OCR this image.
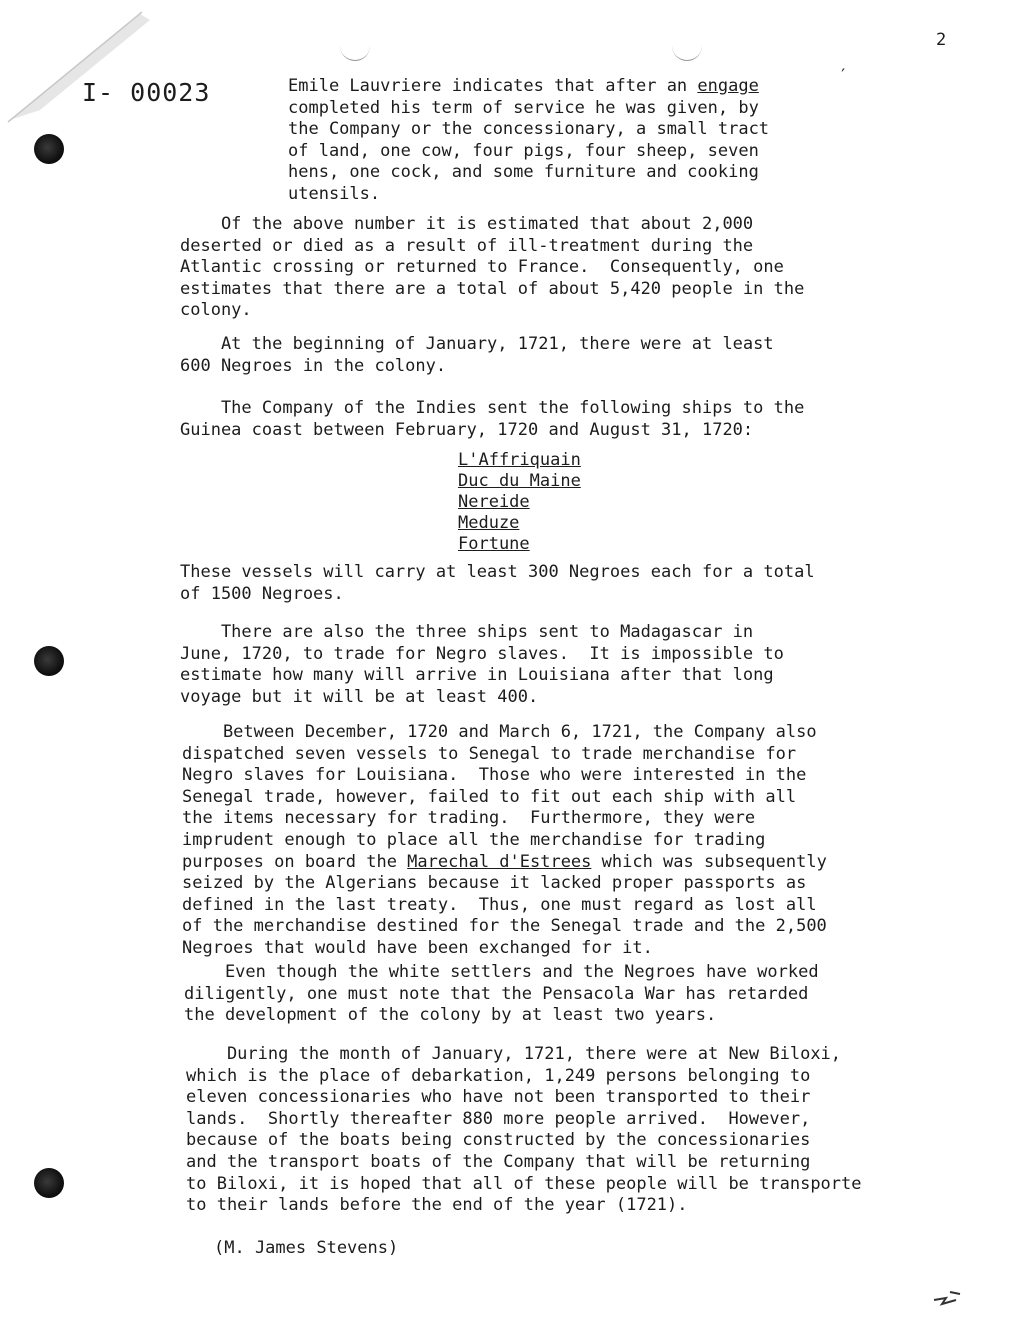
2
I- 00023	Emile Lauvriere indicates that after an engage
completed his term of service he was given, by
the Company or the concessionary, a small tract
of land, one cow, four pigs, four sheep, seven
hens, one cock, and some furniture and cooking
utensils.
′
Of the above number it is estimated that about 2,000
deserted or died as a result of ill-treatment during the
Atlantic crossing or returned to France.  Consequently, one
estimates that there are a total of about 5,420 people in the
colony.
At the beginning of January, 1721, there were at least
600 Negroes in the colony.
The Company of the Indies sent the following ships to the
Guinea coast between February, 1720 and August 31, 1720:
L'Affriquain
Duc du Maine
Nereide
Meduze
Fortune
These vessels will carry at least 300 Negroes each for a total
of 1500 Negroes.
There are also the three ships sent to Madagascar in
June, 1720, to trade for Negro slaves.  It is impossible to
estimate how many will arrive in Louisiana after that long
voyage but it will be at least 400.
Between December, 1720 and March 6, 1721, the Company also
dispatched seven vessels to Senegal to trade merchandise for
Negro slaves for Louisiana.  Those who were interested in the
Senegal trade, however, failed to fit out each ship with all
the items necessary for trading.  Furthermore, they were
imprudent enough to place all the merchandise for trading
purposes on board the Marechal d'Estrees which was subsequently
seized by the Algerians because it lacked proper passports as
defined in the last treaty.  Thus, one must regard as lost all
of the merchandise destined for the Senegal trade and the 2,500
Negroes that would have been exchanged for it.
Even though the white settlers and the Negroes have worked
diligently, one must note that the Pensacola War has retarded
the development of the colony by at least two years.
During the month of January, 1721, there were at New Biloxi,
which is the place of debarkation, 1,249 persons belonging to
eleven concessionaries who have not been transported to their
lands.  Shortly thereafter 880 more people arrived.  However,
because of the boats being constructed by the concessionaries
and the transport boats of the Company that will be returning
to Biloxi, it is hoped that all of these people will be transporte
to their lands before the end of the year (1721).
(M. James Stevens)
